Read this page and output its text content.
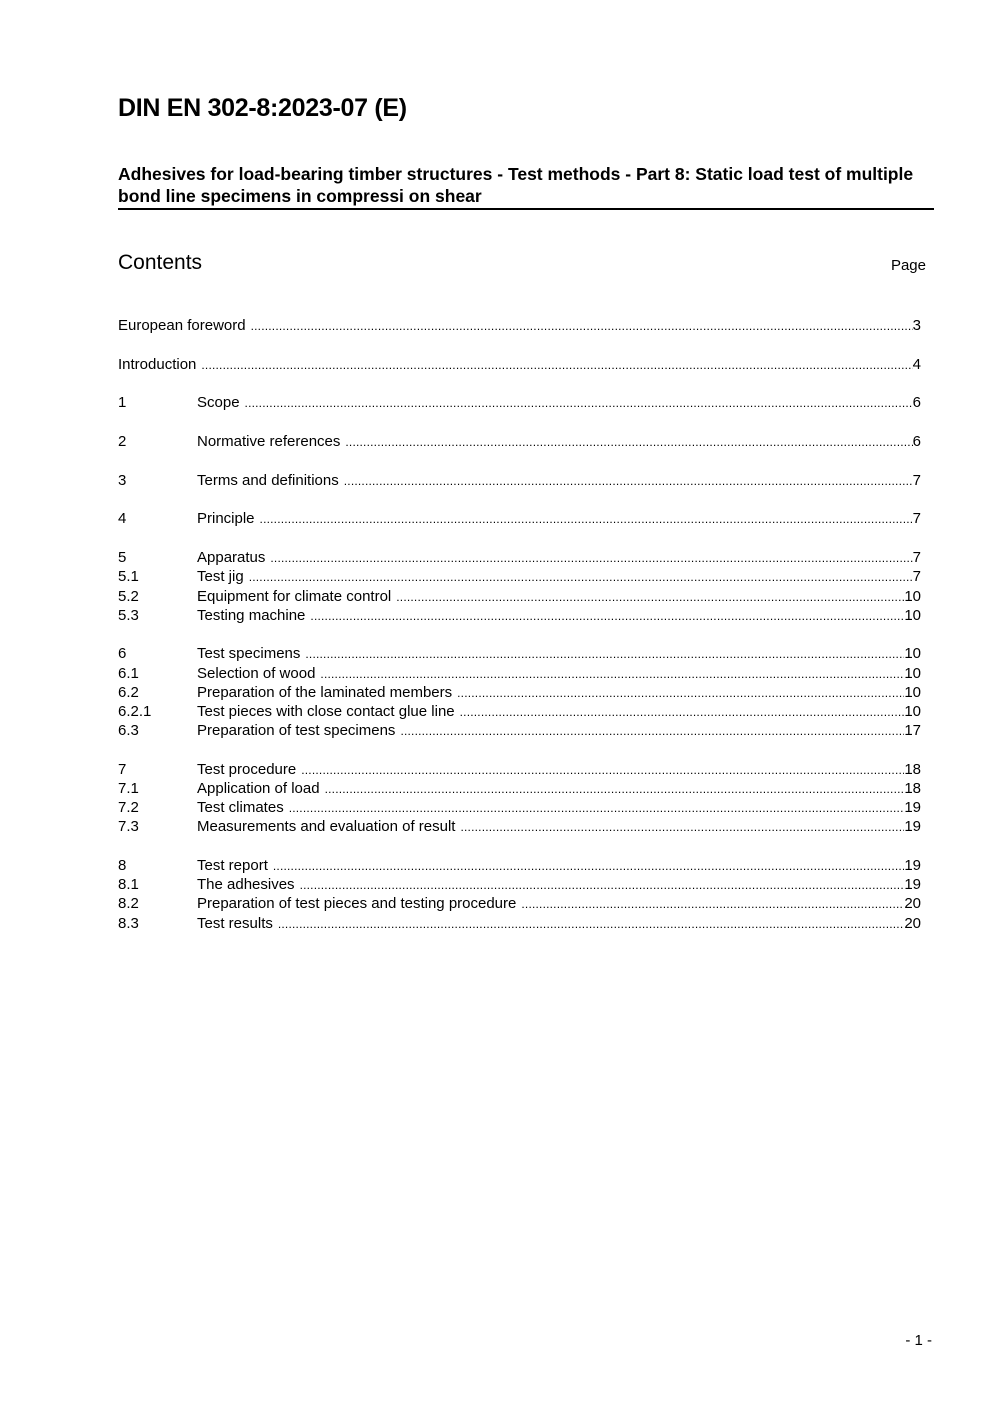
DIN EN 302-8:2023-07 (E)
Adhesives for load-bearing timber structures - Test methods - Part 8: Static load test of multiple bond line specimens in compressi on shear
Contents	Page
European foreword .....	3
Introduction .....	4
1	Scope .....	6
2	Normative references .....	6
3	Terms and definitions .....	7
4	Principle .....	7
5	Apparatus .....	7
5.1	Test jig .....	7
5.2	Equipment for climate control .....	10
5.3	Testing machine .....	10
6	Test specimens .....	10
6.1	Selection of wood .....	10
6.2	Preparation of the laminated members .....	10
6.2.1	Test pieces with close contact glue line .....	10
6.3	Preparation of test specimens .....	17
7	Test procedure .....	18
7.1	Application of load .....	18
7.2	Test climates .....	19
7.3	Measurements and evaluation of result .....	19
8	Test report .....	19
8.1	The adhesives .....	19
8.2	Preparation of test pieces and testing procedure .....	20
8.3	Test results .....	20
- 1 -
